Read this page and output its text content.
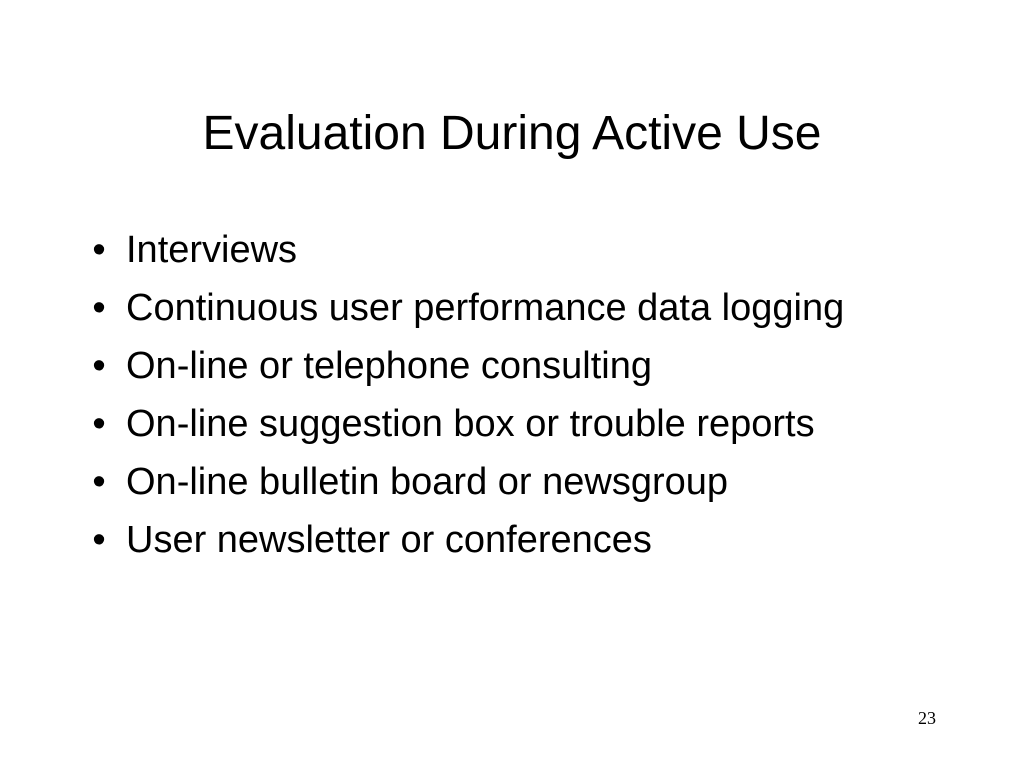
Evaluation During Active Use
• Interviews
• Continuous user performance data logging
• On-line or telephone consulting
• On-line suggestion box or trouble reports
• On-line bulletin board or newsgroup
• User newsletter or conferences
23
